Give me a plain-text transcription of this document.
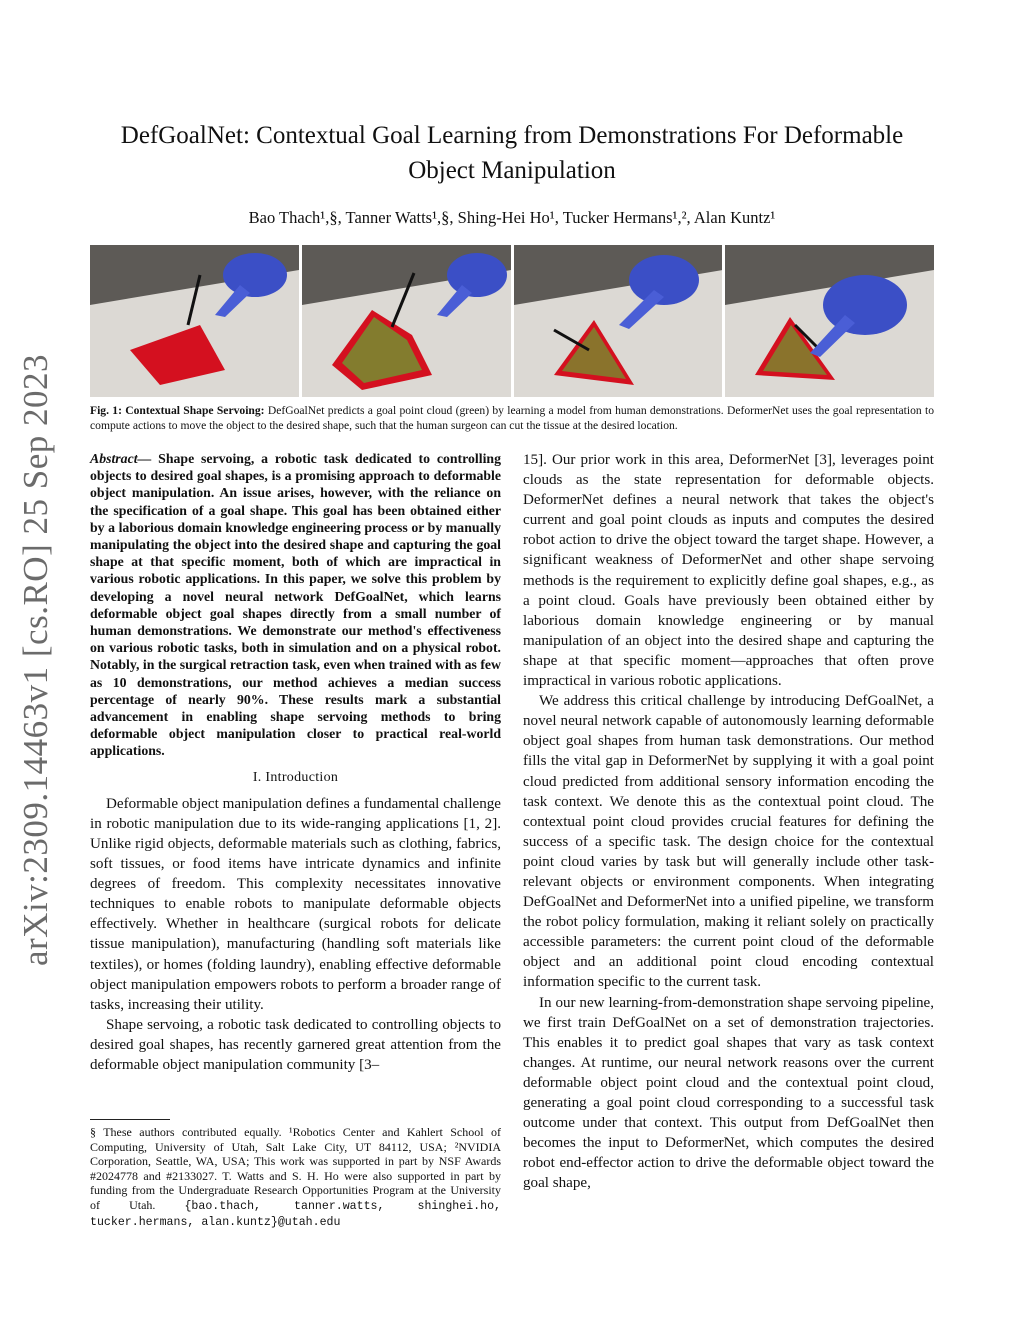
arXiv:2309.14463v1 [cs.RO] 25 Sep 2023
DefGoalNet: Contextual Goal Learning from Demonstrations For Deformable Object Manipulation
Bao Thach¹,§, Tanner Watts¹,§, Shing-Hei Ho¹, Tucker Hermans¹,², Alan Kuntz¹
Fig. 1: Contextual Shape Servoing: DefGoalNet predicts a goal point cloud (green) by learning a model from human demonstrations. DeformerNet uses the goal representation to compute actions to move the object to the desired shape, such that the human surgeon can cut the tissue at the desired location.
Abstract— Shape servoing, a robotic task dedicated to controlling objects to desired goal shapes, is a promising approach to deformable object manipulation. An issue arises, however, with the reliance on the specification of a goal shape. This goal has been obtained either by a laborious domain knowledge engineering process or by manually manipulating the object into the desired shape and capturing the goal shape at that specific moment, both of which are impractical in various robotic applications. In this paper, we solve this problem by developing a novel neural network DefGoalNet, which learns deformable object goal shapes directly from a small number of human demonstrations. We demonstrate our method's effectiveness on various robotic tasks, both in simulation and on a physical robot. Notably, in the surgical retraction task, even when trained with as few as 10 demonstrations, our method achieves a median success percentage of nearly 90%. These results mark a substantial advancement in enabling shape servoing methods to bring deformable object manipulation closer to practical real-world applications.
I. Introduction

Deformable object manipulation defines a fundamental challenge in robotic manipulation due to its wide-ranging applications [1, 2]. Unlike rigid objects, deformable materials such as clothing, fabrics, soft tissues, or food items have intricate dynamics and infinite degrees of freedom. This complexity necessitates innovative techniques to enable robots to manipulate deformable objects effectively. Whether in healthcare (surgical robots for delicate tissue manipulation), manufacturing (handling soft materials like textiles), or homes (folding laundry), enabling effective deformable object manipulation empowers robots to perform a broader range of tasks, increasing their utility.

Shape servoing, a robotic task dedicated to controlling objects to desired goal shapes, has recently garnered great attention from the deformable object manipulation community [3–

§ These authors contributed equally. ¹Robotics Center and Kahlert School of Computing, University of Utah, Salt Lake City, UT 84112, USA; ²NVIDIA Corporation, Seattle, WA, USA; This work was supported in part by NSF Awards #2024778 and #2133027. T. Watts and S. H. Ho were also supported in part by funding from the Undergraduate Research Opportunities Program at the University of Utah. {bao.thach, tanner.watts, shinghei.ho, tucker.hermans, alan.kuntz}@utah.edu

15]. Our prior work in this area, DeformerNet [3], leverages point clouds as the state representation for deformable objects. DeformerNet defines a neural network that takes the object's current and goal point clouds as inputs and computes the desired robot action to drive the object toward the target shape. However, a significant weakness of DeformerNet and other shape servoing methods is the requirement to explicitly define goal shapes, e.g., as a point cloud. Goals have previously been obtained either by laborious domain knowledge engineering or by manual manipulation of an object into the desired shape and capturing the shape at that specific moment—approaches that often prove impractical in various robotic applications.

We address this critical challenge by introducing DefGoalNet, a novel neural network capable of autonomously learning deformable object goal shapes from human task demonstrations. Our method fills the vital gap in DeformerNet by supplying it with a goal point cloud predicted from additional sensory information encoding the task context. We denote this as the contextual point cloud. The contextual point cloud provides crucial features for defining the success of a specific task. The design choice for the contextual point cloud varies by task but will generally include other task-relevant objects or environment components. When integrating DefGoalNet and DeformerNet into a unified pipeline, we transform the robot policy formulation, making it reliant solely on practically accessible parameters: the current point cloud of the deformable object and an additional point cloud encoding contextual information specific to the current task.

In our new learning-from-demonstration shape servoing pipeline, we first train DefGoalNet on a set of demonstration trajectories. This enables it to predict goal shapes that vary as task context changes. At runtime, our neural network reasons over the current deformable object point cloud and the contextual point cloud, generating a goal point cloud corresponding to a successful task outcome under that context. This output from DefGoalNet then becomes the input to DeformerNet, which computes the desired robot end-effector action to drive the deformable object toward the goal shape,
